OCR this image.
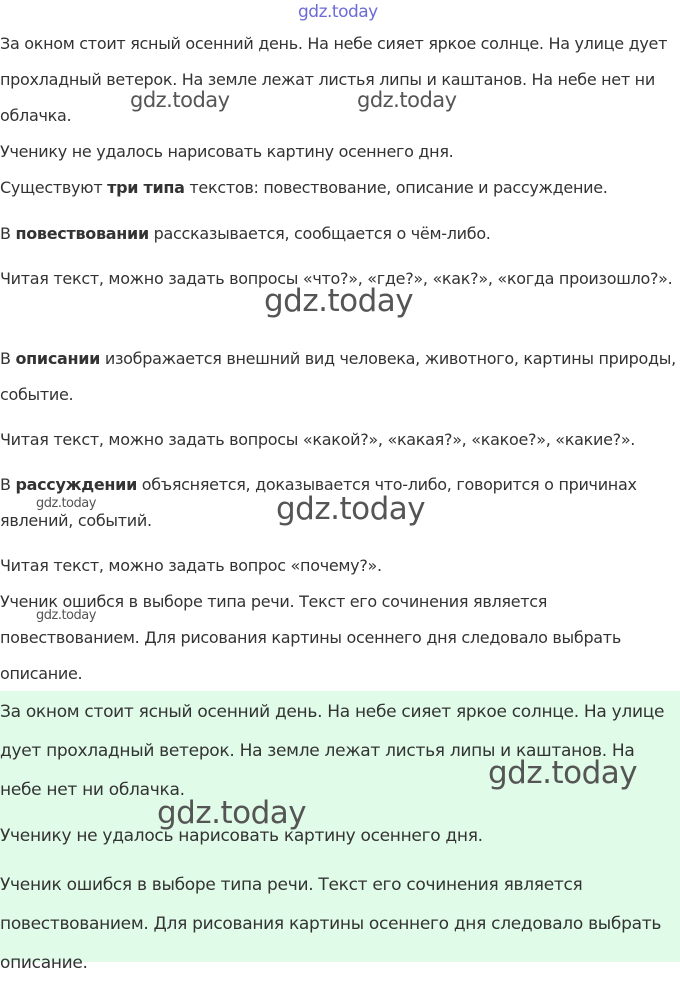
gdz.today

За окном стоит ясный осенний день. На небе сияет яркое солнце. На улице дует прохладный ветерок. На земле лежат листья липы и каштанов. На небе нет ни облачка.

Ученику не удалось нарисовать картину осеннего дня.

Существуют три типа текстов: повествование, описание и рассуждение.

В повествовании рассказывается, сообщается о чём-либо.

Читая текст, можно задать вопросы «что?», «где?», «как?», «когда произошло?».

В описании изображается внешний вид человека, животного, картины природы, событие.

Читая текст, можно задать вопросы «какой?», «какая?», «какое?», «какие?».

В рассуждении объясняется, доказывается что-либо, говорится о причинах явлений, событий.

Читая текст, можно задать вопрос «почему?».

Ученик ошибся в выборе типа речи. Текст его сочинения является повествованием. Для рисования картины осеннего дня следовало выбрать описание.

За окном стоит ясный осенний день. На небе сияет яркое солнце. На улице дует прохладный ветерок. На земле лежат листья липы и каштанов. На небе нет ни облачка.

Ученику не удалось нарисовать картину осеннего дня.

Ученик ошибся в выборе типа речи. Текст его сочинения является повествованием. Для рисования картины осеннего дня следовало выбрать описание.

gdz.today	gdz.today
gdz.today
gdz.today	gdz.today
gdz.today
gdz.today
gdz.today
